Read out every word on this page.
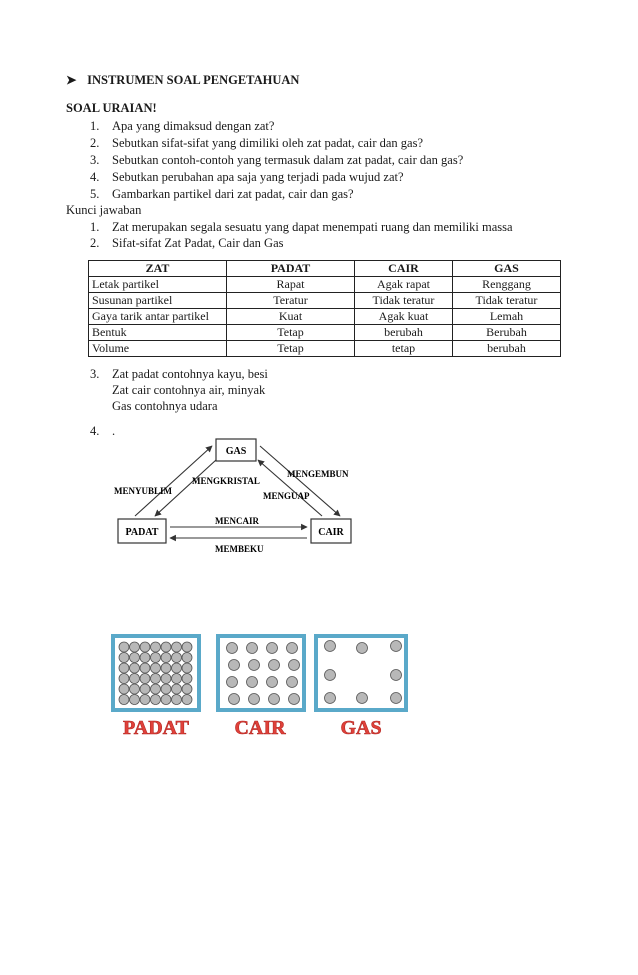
➤ INSTRUMEN SOAL PENGETAHUAN
SOAL URAIAN!
1. Apa yang dimaksud dengan zat?
2. Sebutkan sifat-sifat yang dimiliki oleh zat padat, cair dan gas?
3. Sebutkan contoh-contoh yang termasuk dalam zat padat, cair dan gas?
4. Sebutkan perubahan apa saja yang terjadi pada wujud zat?
5. Gambarkan partikel dari zat padat, cair dan gas?
Kunci jawaban
1. Zat merupakan segala sesuatu yang dapat menempati ruang dan memiliki massa
2. Sifat-sifat Zat Padat, Cair dan Gas
ZAT	PADAT	CAIR	GAS
Letak partikel	Rapat	Agak rapat	Renggang
Susunan partikel	Teratur	Tidak teratur	Tidak teratur
Gaya tarik antar partikel	Kuat	Agak kuat	Lemah
Bentuk	Tetap	berubah	Berubah
Volume	Tetap	tetap	berubah
3. Zat padat contohnya kayu, besi
Zat cair contohnya air, minyak
Gas contohnya udara
4. .
GAS
PADAT	CAIR
MENYUBLIM
MENGKRISTAL
MENGEMBUN
MENGUAP
MENCAIR
MEMBEKU
PADAT CAIR	GAS
